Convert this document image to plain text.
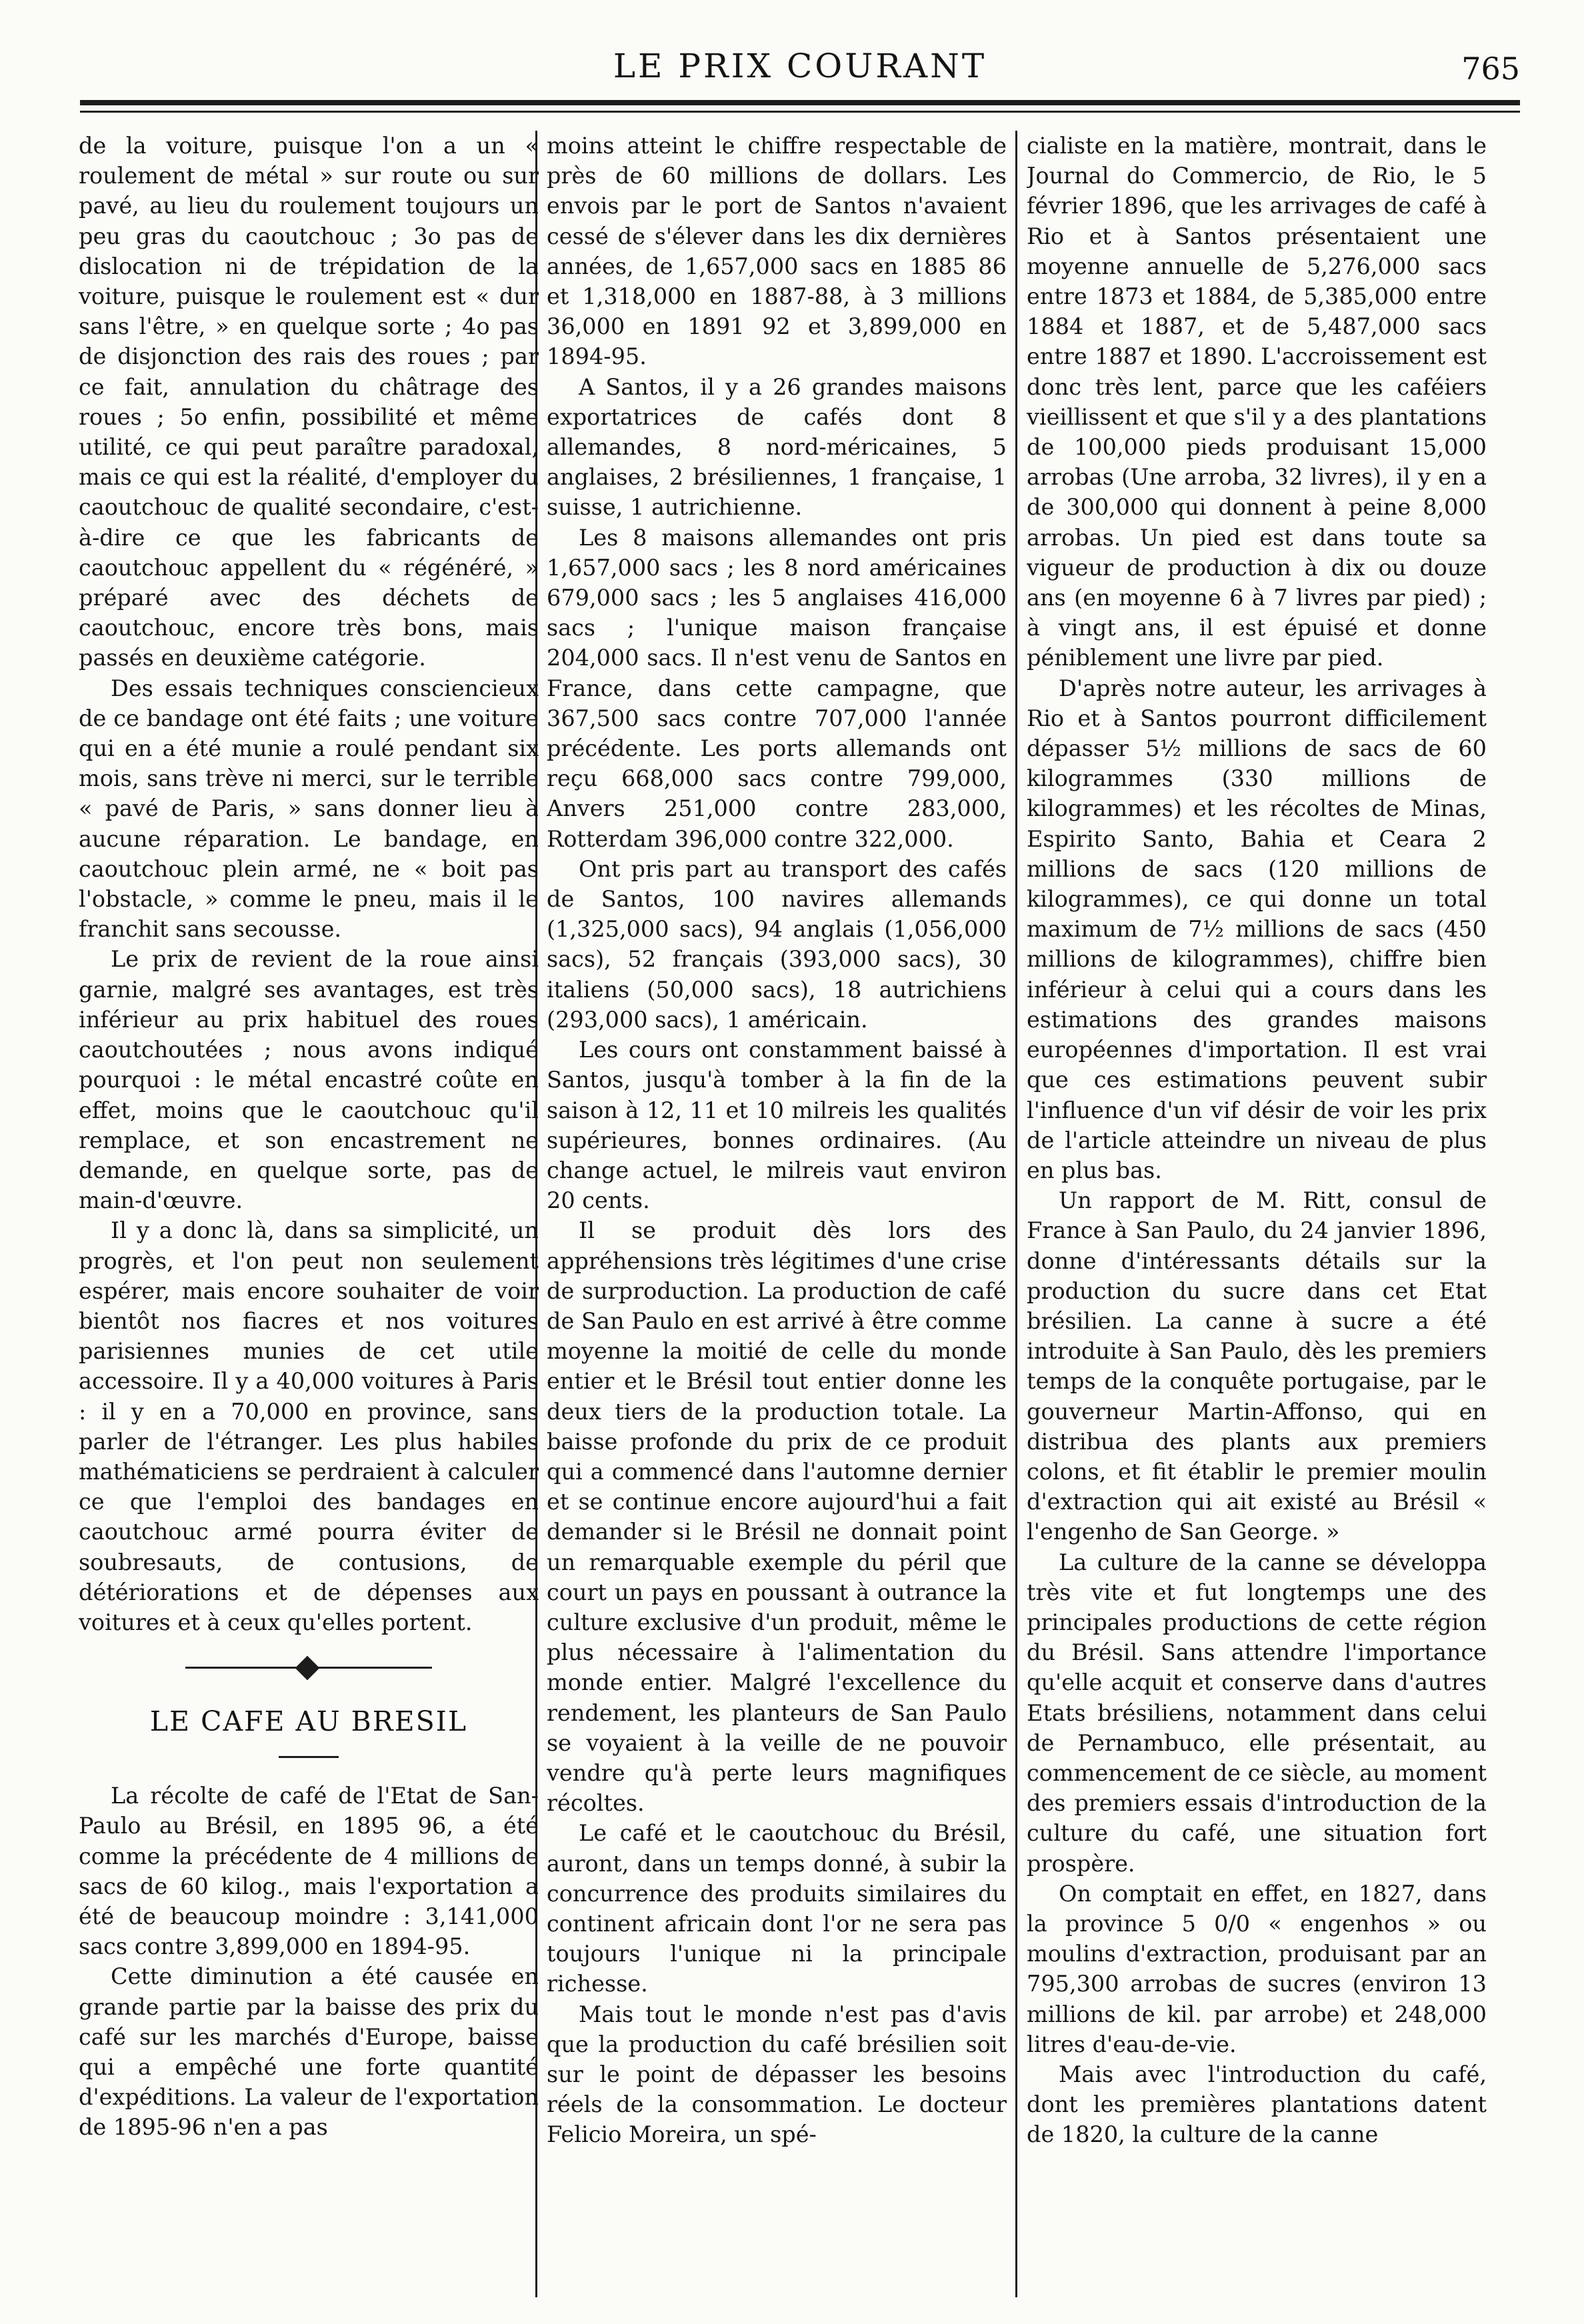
LE PRIX COURANT	765

de la voiture, puisque l'on a un « roulement de métal » sur route ou sur pavé, au lieu du roulement toujours un peu gras du caoutchouc ; 3o pas de dislocation ni de trépidation de la voiture, puisque le roulement est « dur sans l'être, » en quelque sorte ; 4o pas de disjonction des rais des roues ; par ce fait, annulation du châtrage des roues ; 5o enfin, possibilité et même utilité, ce qui peut paraître paradoxal, mais ce qui est la réalité, d'employer du caoutchouc de qualité secondaire, c'est-à-dire ce que les fabricants de caoutchouc appellent du « régénéré, » préparé avec des déchets de caoutchouc, encore très bons, mais passés en deuxième catégorie.

Des essais techniques consciencieux de ce bandage ont été faits ; une voiture qui en a été munie a roulé pendant six mois, sans trève ni merci, sur le terrible « pavé de Paris, » sans donner lieu à aucune réparation. Le bandage, en caoutchouc plein armé, ne « boit pas l'obstacle, » comme le pneu, mais il le franchit sans secousse.

Le prix de revient de la roue ainsi garnie, malgré ses avantages, est très inférieur au prix habituel des roues caoutchoutées ; nous avons indiqué pourquoi : le métal encastré coûte en effet, moins que le caoutchouc qu'il remplace, et son encastrement ne demande, en quelque sorte, pas de main-d'œuvre.

Il y a donc là, dans sa simplicité, un progrès, et l'on peut non seulement espérer, mais encore souhaiter de voir bientôt nos fiacres et nos voitures parisiennes munies de cet utile accessoire. Il y a 40,000 voitures à Paris : il y en a 70,000 en province, sans parler de l'étranger. Les plus habiles mathématiciens se perdraient à calculer ce que l'emploi des bandages en caoutchouc armé pourra éviter de soubresauts, de contusions, de détériorations et de dépenses aux voitures et à ceux qu'elles portent.

LE CAFE AU BRESIL

La récolte de café de l'Etat de San-Paulo au Brésil, en 1895 96, a été comme la précédente de 4 millions de sacs de 60 kilog., mais l'exportation a été de beaucoup moindre : 3,141,000 sacs contre 3,899,000 en 1894-95.

Cette diminution a été causée en grande partie par la baisse des prix du café sur les marchés d'Europe, baisse qui a empêché une forte quantité d'expéditions. La valeur de l'exportation de 1895-96 n'en a pas

moins atteint le chiffre respectable de près de 60 millions de dollars. Les envois par le port de Santos n'avaient cessé de s'élever dans les dix dernières années, de 1,657,000 sacs en 1885 86 et 1,318,000 en 1887-88, à 3 millions 36,000 en 1891 92 et 3,899,000 en 1894-95.

A Santos, il y a 26 grandes maisons exportatrices de cafés dont 8 allemandes, 8 nord-méricaines, 5 anglaises, 2 brésiliennes, 1 française, 1 suisse, 1 autrichienne.

Les 8 maisons allemandes ont pris 1,657,000 sacs ; les 8 nord américaines 679,000 sacs ; les 5 anglaises 416,000 sacs ; l'unique maison française 204,000 sacs. Il n'est venu de Santos en France, dans cette campagne, que 367,500 sacs contre 707,000 l'année précédente. Les ports allemands ont reçu 668,000 sacs contre 799,000, Anvers 251,000 contre 283,000, Rotterdam 396,000 contre 322,000.

Ont pris part au transport des cafés de Santos, 100 navires allemands (1,325,000 sacs), 94 anglais (1,056,000 sacs), 52 français (393,000 sacs), 30 italiens (50,000 sacs), 18 autrichiens (293,000 sacs), 1 américain.

Les cours ont constamment baissé à Santos, jusqu'à tomber à la fin de la saison à 12, 11 et 10 milreis les qualités supérieures, bonnes ordinaires. (Au change actuel, le milreis vaut environ 20 cents.

Il se produit dès lors des appréhensions très légitimes d'une crise de surproduction. La production de café de San Paulo en est arrivé à être comme moyenne la moitié de celle du monde entier et le Brésil tout entier donne les deux tiers de la production totale. La baisse profonde du prix de ce produit qui a commencé dans l'automne dernier et se continue encore aujourd'hui a fait demander si le Brésil ne donnait point un remarquable exemple du péril que court un pays en poussant à outrance la culture exclusive d'un produit, même le plus nécessaire à l'alimentation du monde entier. Malgré l'excellence du rendement, les planteurs de San Paulo se voyaient à la veille de ne pouvoir vendre qu'à perte leurs magnifiques récoltes.

Le café et le caoutchouc du Brésil, auront, dans un temps donné, à subir la concurrence des produits similaires du continent africain dont l'or ne sera pas toujours l'unique ni la principale richesse.

Mais tout le monde n'est pas d'avis que la production du café brésilien soit sur le point de dépasser les besoins réels de la consommation. Le docteur Felicio Moreira, un spé-

cialiste en la matière, montrait, dans le Journal do Commercio, de Rio, le 5 février 1896, que les arrivages de café à Rio et à Santos présentaient une moyenne annuelle de 5,276,000 sacs entre 1873 et 1884, de 5,385,000 entre 1884 et 1887, et de 5,487,000 sacs entre 1887 et 1890. L'accroissement est donc très lent, parce que les caféiers vieillissent et que s'il y a des plantations de 100,000 pieds produisant 15,000 arrobas (Une arroba, 32 livres), il y en a de 300,000 qui donnent à peine 8,000 arrobas. Un pied est dans toute sa vigueur de production à dix ou douze ans (en moyenne 6 à 7 livres par pied) ; à vingt ans, il est épuisé et donne péniblement une livre par pied.

D'après notre auteur, les arrivages à Rio et à Santos pourront difficilement dépasser 5½ millions de sacs de 60 kilogrammes (330 millions de kilogrammes) et les récoltes de Minas, Espirito Santo, Bahia et Ceara 2 millions de sacs (120 millions de kilogrammes), ce qui donne un total maximum de 7½ millions de sacs (450 millions de kilogrammes), chiffre bien inférieur à celui qui a cours dans les estimations des grandes maisons européennes d'importation. Il est vrai que ces estimations peuvent subir l'influence d'un vif désir de voir les prix de l'article atteindre un niveau de plus en plus bas.

Un rapport de M. Ritt, consul de France à San Paulo, du 24 janvier 1896, donne d'intéressants détails sur la production du sucre dans cet Etat brésilien. La canne à sucre a été introduite à San Paulo, dès les premiers temps de la conquête portugaise, par le gouverneur Martin-Affonso, qui en distribua des plants aux premiers colons, et fit établir le premier moulin d'extraction qui ait existé au Brésil « l'engenho de San George. »

La culture de la canne se développa très vite et fut longtemps une des principales productions de cette région du Brésil. Sans attendre l'importance qu'elle acquit et conserve dans d'autres Etats brésiliens, notamment dans celui de Pernambuco, elle présentait, au commencement de ce siècle, au moment des premiers essais d'introduction de la culture du café, une situation fort prospère.

On comptait en effet, en 1827, dans la province 5 0/0 « engenhos » ou moulins d'extraction, produisant par an 795,300 arrobas de sucres (environ 13 millions de kil. par arrobe) et 248,000 litres d'eau-de-vie.

Mais avec l'introduction du café, dont les premières plantations datent de 1820, la culture de la canne
